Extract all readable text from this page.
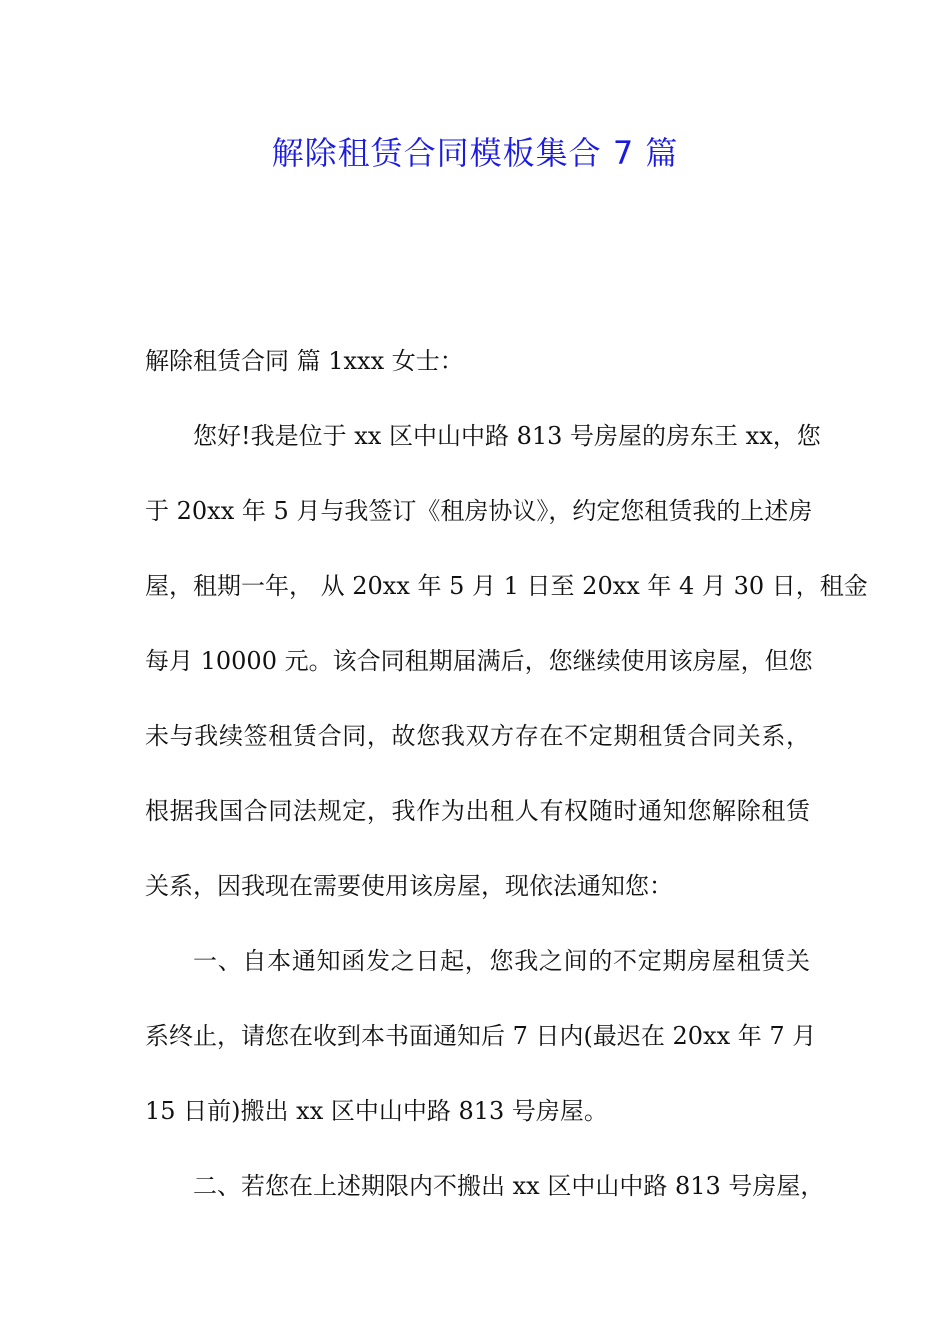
解除租赁合同模板集合 7 篇
解除租赁合同 篇 1xxx 女士：
您好!我是位于 xx 区中山中路 813 号房屋的房东王 xx，您
于 20xx 年 5 月与我签订《租房协议》，约定您租赁我的上述房
屋，租期一年， 从 20xx 年 5 月 1 日至 20xx 年 4 月 30 日，租金
每月 10000 元。该合同租期届满后，您继续使用该房屋，但您
未与我续签租赁合同，故您我双方存在不定期租赁合同关系，
根据我国合同法规定，我作为出租人有权随时通知您解除租赁
关系，因我现在需要使用该房屋，现依法通知您：
一、自本通知函发之日起，您我之间的不定期房屋租赁关
系终止，请您在收到本书面通知后 7 日内(最迟在 20xx 年 7 月
15 日前)搬出 xx 区中山中路 813 号房屋。
二、若您在上述期限内不搬出 xx 区中山中路 813 号房屋，
